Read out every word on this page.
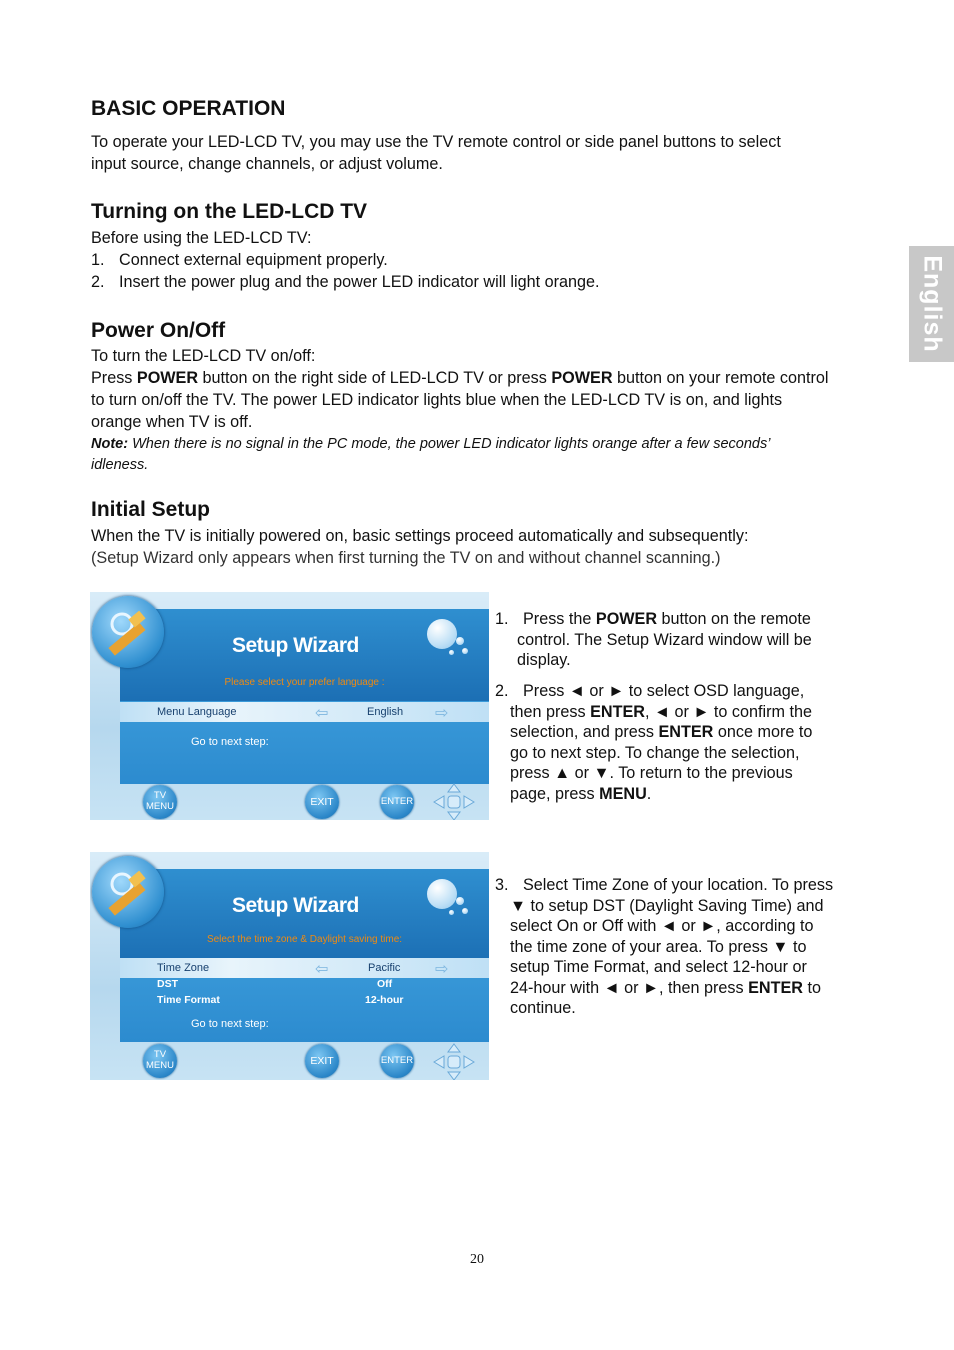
English
BASIC OPERATION
To operate your LED-LCD TV, you may use the TV remote control or side panel buttons to select
input source, change channels, or adjust volume.
Turning on the LED-LCD TV
Before using the LED-LCD TV:
1. Connect external equipment properly.
2. Insert the power plug and the power LED indicator will light orange.
Power On/Off
To turn the LED-LCD TV on/off:
Press POWER button on the right side of LED-LCD TV or press POWER button on your remote control
to turn on/off the TV. The power LED indicator lights blue when the LED-LCD TV is on, and lights
orange when TV is off.
Note: When there is no signal in the PC mode, the power LED indicator lights orange after a few seconds’
idleness.
Initial Setup
When the TV is initially powered on, basic settings proceed automatically and subsequently:
(Setup Wizard only appears when first turning the TV on and without channel scanning.)
Setup Wizard
Please select your prefer language :
Menu Language	⇦	English ⇨
Go to next step:
TV
MENU	EXIT	ENTER
1. Press the POWER button on the remote
control. The Setup Wizard window will be
display.
2. Press ◄ or ► to select OSD language,
then press ENTER, ◄ or ► to confirm the
selection, and press ENTER once more to
go to next step. To change the selection,
press ▲ or ▼. To return to the previous
page, press MENU.
Setup Wizard
Select the time zone & Daylight saving time:
Time Zone	⇦	Pacific ⇨
DST	Off
Time Format	12-hour
Go to next step:
TV
MENU	EXIT	ENTER
3. Select Time Zone of your location. To press
▼ to setup DST (Daylight Saving Time) and
select On or Off with ◄ or ►, according to
the time zone of your area. To press ▼ to
setup Time Format, and select 12-hour or
24-hour with ◄ or ►, then press ENTER to
continue.
20
